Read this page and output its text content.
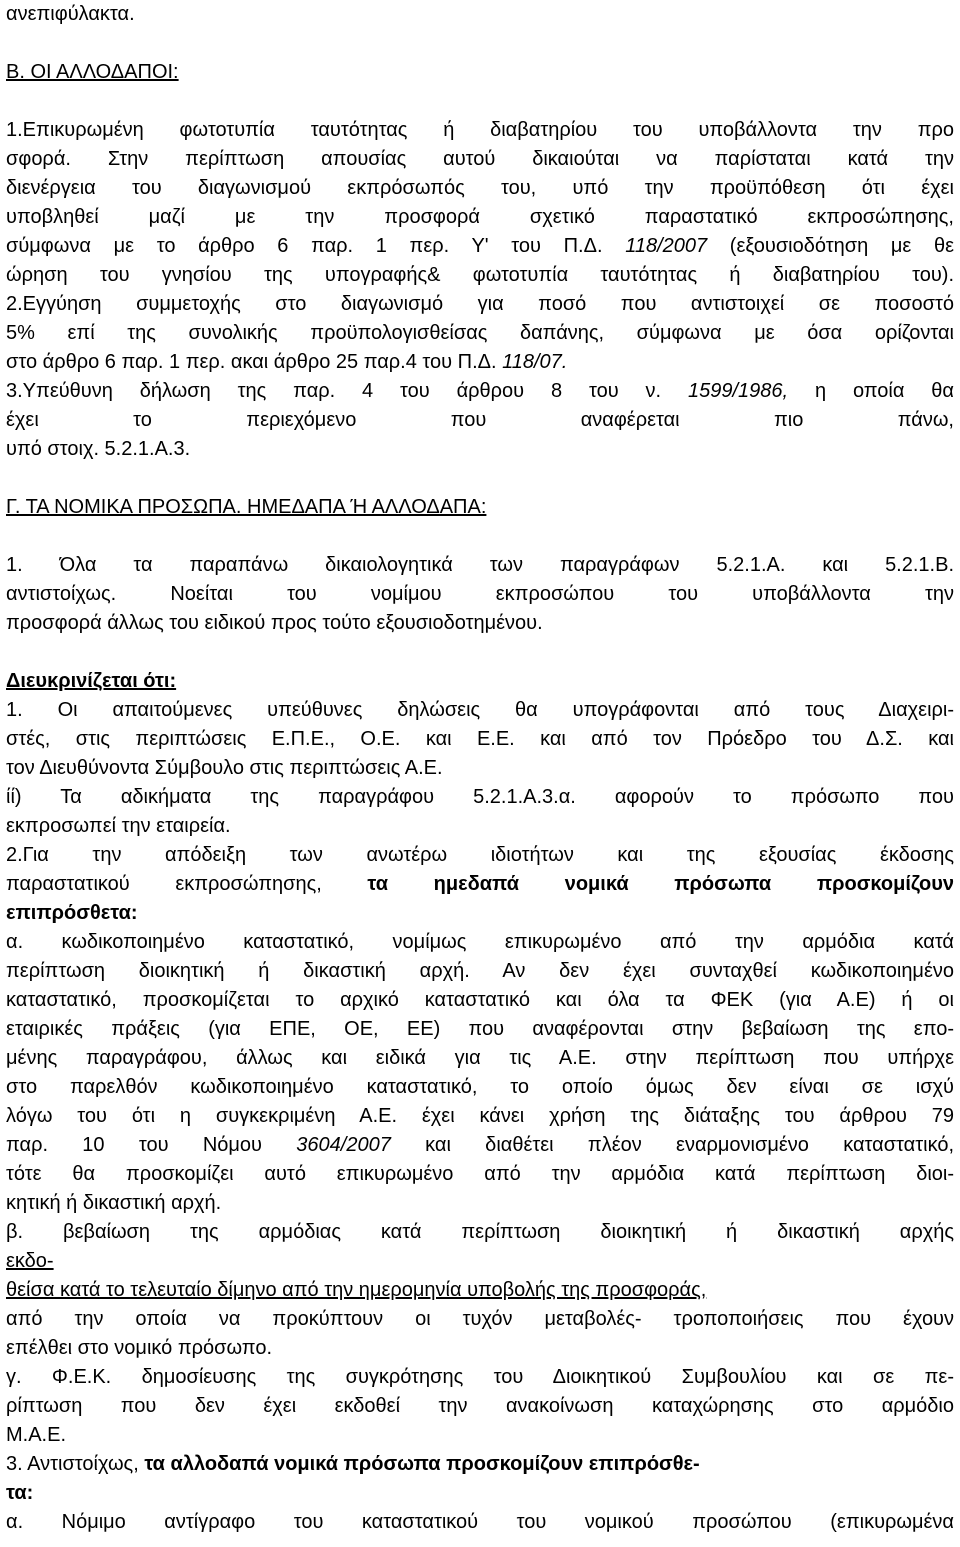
ανεπιφύλακτα.
Β. ΟΙ ΑΛΛΟΔΑΠΟΙ:
1.Επικυρωμένη φωτοτυπία ταυτότητας ή διαβατηρίου του υποβάλλοντα την προ
σφορά. Στην περίπτωση απουσίας αυτού δικαιούται να παρίσταται κατά την
διενέργεια του διαγωνισμού εκπρόσωπός του, υπό την προϋπόθεση ότι έχει
υποβληθεί μαζί με την προσφορά σχετικό παραστατικό εκπροσώπησης,
σύμφωνα με το άρθρο 6 παρ. 1 περ. Υ' του Π.Δ. 118/2007 (εξουσιοδότηση με θε
ώρηση του γνησίου της υπογραφής& φωτοτυπία ταυτότητας ή διαβατηρίου του).
2.Εγγύηση συμμετοχής στο διαγωνισμό για ποσό που αντιστοιχεί σε ποσοστό
5% επί της συνολικής προϋπολογισθείσας δαπάνης, σύμφωνα με όσα ορίζονται
στο άρθρο 6 παρ. 1 περ. ακαι άρθρο 25 παρ.4 του Π.Δ. 118/07.
3.Υπεύθυνη δήλωση της παρ. 4 του άρθρου 8 του ν. 1599/1986, η οποία θα
έχει το περιεχόμενο που αναφέρεται πιο πάνω,
υπό στοιχ. 5.2.1.Α.3.
Γ. ΤΑ ΝΟΜΙΚΑ ΠΡΟΣΩΠΑ. ΗΜΕΔΑΠΑ Ή ΑΛΛΟΔΑΠΑ:
1. Όλα τα παραπάνω δικαιολογητικά των παραγράφων 5.2.1.Α. και 5.2.1.Β.
αντιστοίχως. Νοείται του νομίμου εκπροσώπου του υποβάλλοντα την
προσφορά άλλως του ειδικού προς τούτο εξουσιοδοτημένου.
Διευκρινίζεται ότι:
1. Οι απαιτούμενες υπεύθυνες δηλώσεις θα υπογράφονται από τους Διαχειρι-
στές, στις περιπτώσεις Ε.Π.Ε., Ο.Ε. και Ε.Ε. και από τον Πρόεδρο του Δ.Σ. και
τον Διευθύνοντα Σύμβουλο στις περιπτώσεις Α.Ε.
ίί) Τα αδικήματα της παραγράφου 5.2.1.Α.3.α. αφορούν το πρόσωπο που
εκπροσωπεί την εταιρεία.
2.Για την απόδειξη των ανωτέρω ιδιοτήτων και της εξουσίας έκδοσης
παραστατικού εκπροσώπησης, τα ημεδαπά νομικά πρόσωπα προσκομίζουν
επιπρόσθετα:
α. κωδικοποιημένο καταστατικό, νομίμως επικυρωμένο από την αρμόδια κατά
περίπτωση διοικητική ή δικαστική αρχή. Αν δεν έχει συνταχθεί κωδικοποιημένο
καταστατικό, προσκομίζεται το αρχικό καταστατικό και όλα τα ΦΕΚ (για Α.Ε) ή οι
εταιρικές πράξεις (για ΕΠΕ, ΟΕ, ΕΕ) που αναφέρονται στην βεβαίωση της επο-
μένης παραγράφου, άλλως και ειδικά για τις Α.Ε. στην περίπτωση που υπήρχε
στο παρελθόν κωδικοποιημένο καταστατικό, το οποίο όμως δεν είναι σε ισχύ
λόγω του ότι η συγκεκριμένη Α.Ε. έχει κάνει χρήση της διάταξης του άρθρου 79
παρ. 10 του Νόμου 3604/2007 και διαθέτει πλέον εναρμονισμένο καταστατικό,
τότε θα προσκομίζει αυτό επικυρωμένο από την αρμόδια κατά περίπτωση διοι-
κητική ή δικαστική αρχή.
β. βεβαίωση της αρμόδιας κατά περίπτωση διοικητική ή δικαστική αρχής
εκδο-
θείσα κατά το τελευταίο δίμηνο από την ημερομηνία υποβολής της προσφοράς,
από την οποία να προκύπτουν οι τυχόν μεταβολές- τροποποιήσεις που έχουν
επέλθει στο νομικό πρόσωπο.
γ. Φ.Ε.Κ. δημοσίευσης της συγκρότησης του Διοικητικού Συμβουλίου και σε πε-
ρίπτωση που δεν έχει εκδοθεί την ανακοίνωση καταχώρησης στο αρμόδιο
Μ.Α.Ε.
3. Αντιστοίχως, τα αλλοδαπά νομικά πρόσωπα προσκομίζουν επιπρόσθε-
τα:
α. Νόμιμο αντίγραφο του καταστατικού του νομικού προσώπου (επικυρωμένα
